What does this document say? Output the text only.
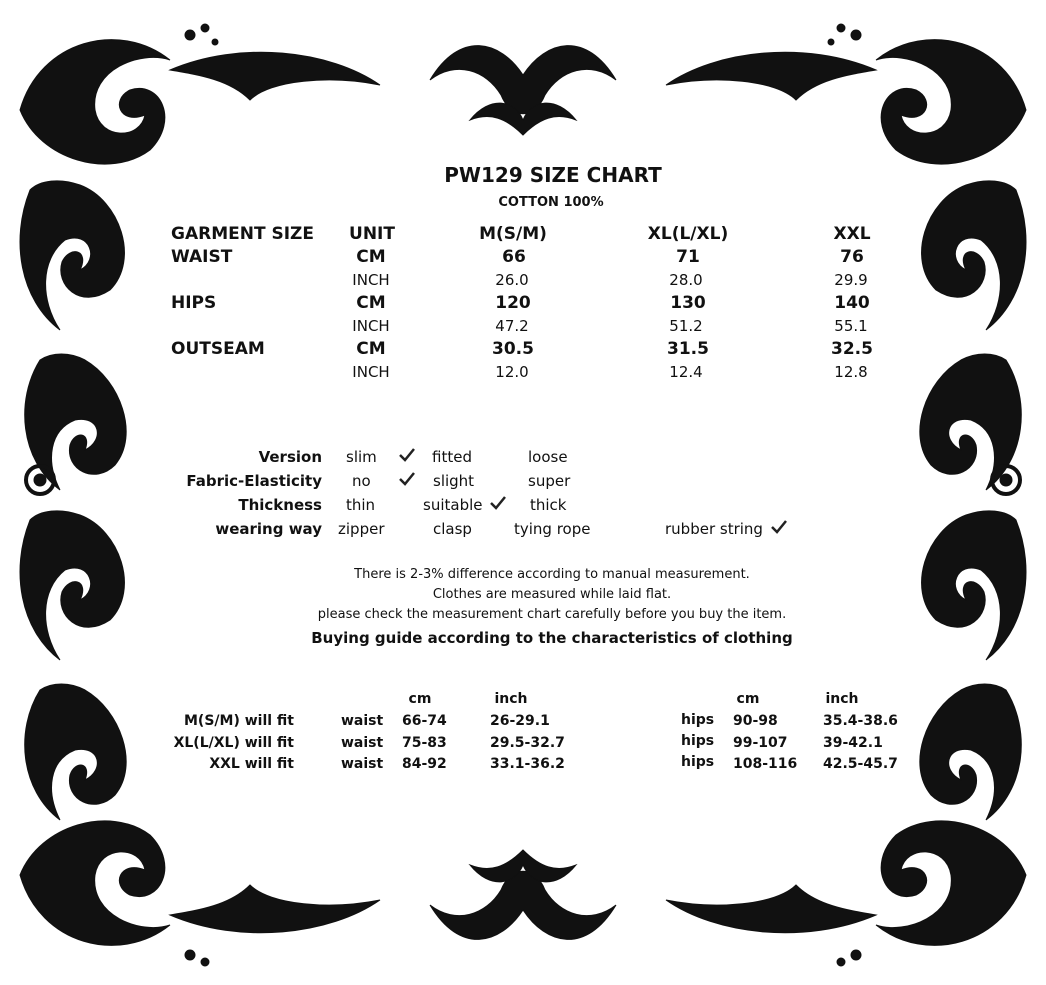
PW129 SIZE CHART
COTTON 100%
GARMENT SIZE UNIT	M(S/M)	XL(L/XL)	XXL
WAIST	CM	66	71	76
INCH	26.0	28.0	29.9
HIPS	CM	120	130	140
INCH	47.2	51.2	55.1
OUTSEAM	CM	30.5	31.5	32.5
INCH	12.0	12.4	12.8
Version slim	fitted	loose
Fabric-Elasticity no	slight	super
Thickness thin	suitable	thick
wearing way zipper	clasp	tying rope	rubber string
There is 2-3% difference according to manual measurement.
Clothes are measured while laid flat.
please check the measurement chart carefully before you buy the item.
Buying guide according to the characteristics of clothing
cm	inch	cm	inch
M(S/M) will fit	waist 66-74	26-29.1	hips 90-98	35.4-38.6
XL(L/XL) will fit	waist 75-83	29.5-32.7	hips 99-107	39-42.1
XXL will fit	waist 84-92	33.1-36.2	hips 108-116 42.5-45.7
